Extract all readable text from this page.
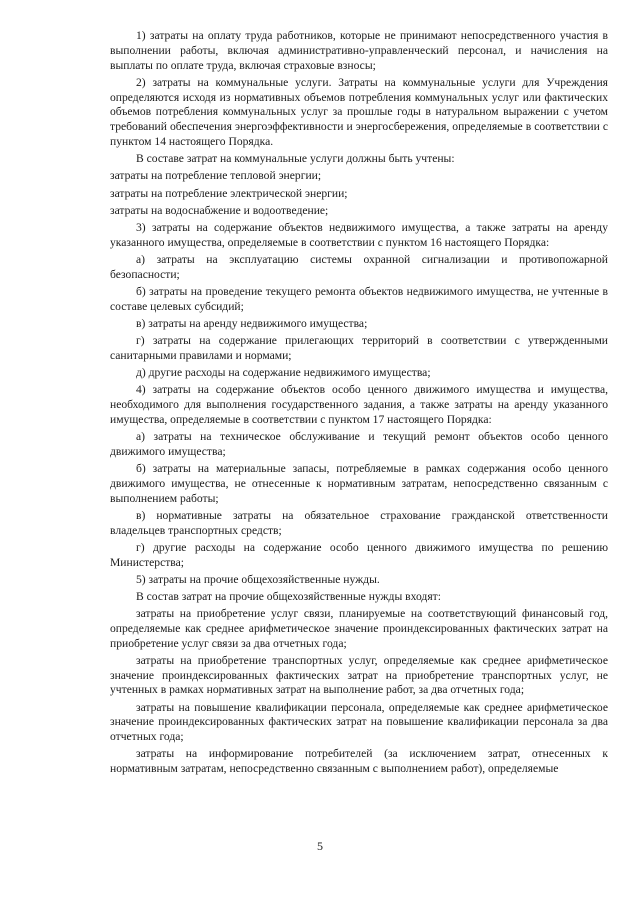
1) затраты на оплату труда работников, которые не принимают непосредственного участия в выполнении работы, включая административно-управленческий персонал, и начисления на выплаты по оплате труда, включая страховые взносы;

2) затраты на коммунальные услуги. Затраты на коммунальные услуги для Учреждения определяются исходя из нормативных объемов потребления коммунальных услуг или фактических объемов потребления коммунальных услуг за прошлые годы в натуральном выражении с учетом требований обеспечения энергоэффективности и энергосбережения, определяемые в соответствии с пунктом 14 настоящего Порядка.

В составе затрат на коммунальные услуги должны быть учтены:

затраты на потребление тепловой энергии;

затраты на потребление электрической энергии;

затраты на водоснабжение и водоотведение;

3) затраты на содержание объектов недвижимого имущества, а также затраты на аренду указанного имущества, определяемые в соответствии с пунктом 16 настоящего Порядка:

а) затраты на эксплуатацию системы охранной сигнализации и противопожарной безопасности;

б) затраты на проведение текущего ремонта объектов недвижимого имущества, не учтенные в составе целевых субсидий;

в) затраты на аренду недвижимого имущества;

г) затраты на содержание прилегающих территорий в соответствии с утвержденными санитарными правилами и нормами;

д) другие расходы на содержание недвижимого имущества;

4) затраты на содержание объектов особо ценного движимого имущества и имущества, необходимого для выполнения государственного задания, а также затраты на аренду указанного имущества, определяемые в соответствии с пунктом 17 настоящего Порядка:

а) затраты на техническое обслуживание и текущий ремонт объектов особо ценного движимого имущества;

б) затраты на материальные запасы, потребляемые в рамках содержания особо ценного движимого имущества, не отнесенные к нормативным затратам, непосредственно связанным с выполнением работы;

в) нормативные затраты на обязательное страхование гражданской ответственности владельцев транспортных средств;

г) другие расходы на содержание особо ценного движимого имущества по решению Министерства;

5) затраты на прочие общехозяйственные нужды.

В состав затрат на прочие общехозяйственные нужды входят:

затраты на приобретение услуг связи, планируемые на соответствующий финансовый год, определяемые как среднее арифметическое значение проиндексированных фактических затрат на приобретение услуг связи за два отчетных года;

затраты на приобретение транспортных услуг, определяемые как среднее арифметическое значение проиндексированных фактических затрат на приобретение транспортных услуг, не учтенных в рамках нормативных затрат на выполнение работ, за два отчетных года;

затраты на повышение квалификации персонала, определяемые как среднее арифметическое значение проиндексированных фактических затрат на повышение квалификации персонала за два отчетных года;

затраты на информирование потребителей (за исключением затрат, отнесенных к нормативным затратам, непосредственно связанным с выполнением работ), определяемые

5
